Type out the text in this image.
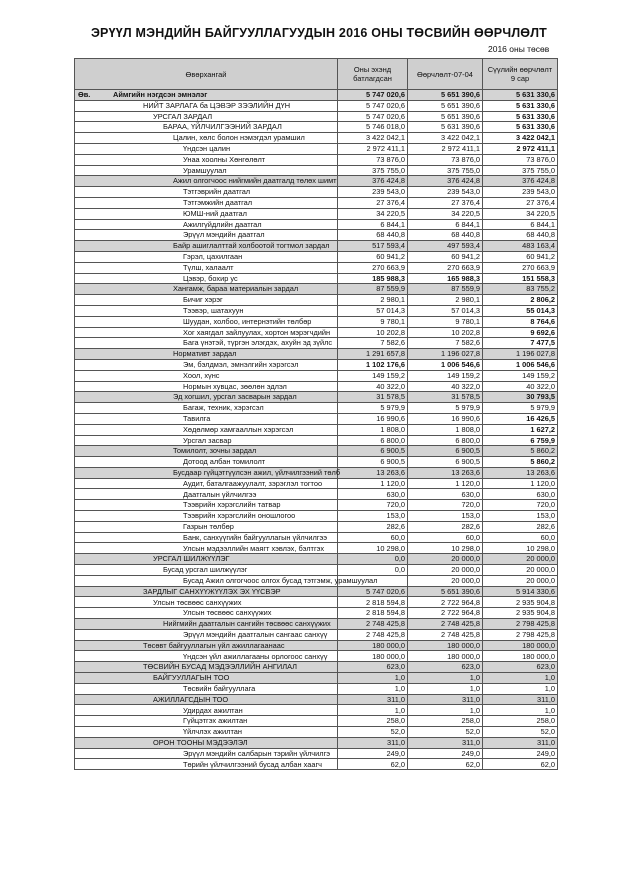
ЭРҮҮЛ МЭНДИЙН БАЙГУУЛЛАГУУДЫН 2016 ОНЫ ТӨСВИЙН ӨӨРЧЛӨЛТ
2016 оны төсөв
Өвөрхангай	Оны эхэнд батлагдсан	Өөрчлөлт-07-04	Сүүлийн өөрчлөлт 9 сар

Өв. Аймгийн нэгдсэн эмнэлэг	5 747 020,6	5 651 390,6	5 631 330,6
НИЙТ ЗАРЛАГА ба ЦЭВЭР ЗЭЭЛИЙН ДҮН	5 747 020,6	5 651 390,6	5 631 330,6
УРСГАЛ ЗАРДАЛ	5 747 020,6	5 651 390,6	5 631 330,6
БАРАА, ҮЙЛЧИЛГЭЭНИЙ ЗАРДАЛ	5 746 018,0	5 631 390,6	5 631 330,6
Цалин, хөлс болон нэмэгдэл урамшил	3 422 042,1	3 422 042,1	3 422 042,1
Үндсэн цалин	2 972 411,1	2 972 411,1	2 972 411,1
Унаа хоолны Хөнгөлөлт	73 876,0	73 876,0	73 876,0
Урамшуулал	375 755,0	375 755,0	375 755,0
Ажил олгогчоос нийгмийн даатгалд төлөх шимт	376 424,8	376 424,8	376 424,8
Тэтгэврийн даатгал	239 543,0	239 543,0	239 543,0
Тэтгэмжийн даатгал	27 376,4	27 376,4	27 376,4
ЮМШ-ний даатгал	34 220,5	34 220,5	34 220,5
Ажилгүйдлийн даатгал	6 844,1	6 844,1	6 844,1
Эрүүл мэндийн даатгал	68 440,8	68 440,8	68 440,8
Байр ашиглалттай холбоотой тогтмол зардал	517 593,4	497 593,4	483 163,4
Гэрэл, цахилгаан	60 941,2	60 941,2	60 941,2
Түлш, халаалт	270 663,9	270 663,9	270 663,9
Цэвэр, бохир ус	185 988,3	165 988,3	151 558,3
Хангамж, бараа материалын зардал	87 559,9	87 559,9	83 755,2
Бичиг хэрэг	2 980,1	2 980,1	2 806,2
Тээвэр, шатахуун	57 014,3	57 014,3	55 014,3
Шуудан, холбоо, интернэтийн төлбөр	9 780,1	9 780,1	8 764,6
Хог хаягдал зайлуулах, хортон мэрэгчдийн	10 202,8	10 202,8	9 692,6
Бага үнэтэй, түргэн элэгдэх, ахуйн эд зүйлс	7 582,6	7 582,6	7 477,5
Нормативт зардал	1 291 657,8	1 196 027,8	1 196 027,8
Эм, бэлдмэл, эмнэлгийн хэрэгсэл	1 102 176,6	1 006 546,6	1 006 546,6
Хоол, хүнс	149 159,2	149 159,2	149 159,2
Нормын хувцас, зөөлөн эдлэл	40 322,0	40 322,0	40 322,0
Эд хогшил, урсгал засварын зардал	31 578,5	31 578,5	30 793,5
Багаж, техник, хэрэгсэл	5 979,9	5 979,9	5 979,9
Тавилга	16 990,6	16 990,6	16 426,5
Хөдөлмөр хамгааллын хэрэгсэл	1 808,0	1 808,0	1 627,2
Урсгал засвар	6 800,0	6 800,0	6 759,9
Томилолт, зочны зардал	6 900,5	6 900,5	5 860,2
Дотоод албан томилолт	6 900,5	6 900,5	5 860,2
Бусдаар гүйцэтгүүлсэн ажил, үйлчилгээний төлб	13 263,6	13 263,6	13 263,6
Аудит, баталгаажуулалт, зэрэглэл тогтоо	1 120,0	1 120,0	1 120,0
Даатгалын үйлчилгээ	630,0	630,0	630,0
Тээврийн хэрэгслийн татвар	720,0	720,0	720,0
Тээврийн хэрэгслийн оношлогоо	153,0	153,0	153,0
Газрын төлбөр	282,6	282,6	282,6
Банк, санхүүгийн байгууллагын үйлчилгээ	60,0	60,0	60,0
Улсын мэдээллийн маягт хэвлэх, бэлтгэх	10 298,0	10 298,0	10 298,0
УРСГАЛ ШИЛЖҮҮЛЭГ	0,0	20 000,0	20 000,0
Бусад урсгал шилжүүлэг	0,0	20 000,0	20 000,0
Бусад Ажил олгогчоос олгох бусад тэтгэмж, урамшуулал		20 000,0	20 000,0
ЗАРДЛЫГ САНХҮҮЖҮҮЛЭХ ЭХ ҮҮСВЭР	5 747 020,6	5 651 390,6	5 914 330,6
Улсын төсвөөс санхүүжих	2 818 594,8	2 722 964,8	2 935 904,8
Улсын төсвөөс санхүүжих	2 818 594,8	2 722 964,8	2 935 904,8
Нийгмийн даатгалын сангийн төсвөөс санхүүжих	2 748 425,8	2 748 425,8	2 798 425,8
Эрүүл мэндийн даатгалын сангаас санхүү	2 748 425,8	2 748 425,8	2 798 425,8
Төсөвт байгууллагын үйл ажиллагаанаас	180 000,0	180 000,0	180 000,0
Үндсэн үйл ажиллагааны орлогоос санхүү	180 000,0	180 000,0	180 000,0
ТӨСВИЙН БУСАД МЭДЭЭЛЛИЙН АНГИЛАЛ	623,0	623,0	623,0
БАЙГУУЛЛАГЫН ТОО	1,0	1,0	1,0
Төсвийн байгууллага	1,0	1,0	1,0
АЖИЛЛАГСДЫН ТОО	311,0	311,0	311,0
Удирдах ажилтан	1,0	1,0	1,0
Гүйцэтгэх ажилтан	258,0	258,0	258,0
Үйлчлэх ажилтан	52,0	52,0	52,0
ОРОН ТООНЫ МЭДЭЭЛЭЛ	311,0	311,0	311,0
Эрүүл мэндийн салбарын тэрийн үйлчилгэ	249,0	249,0	249,0
Төрийн үйлчилгээний бусад албан хаагч	62,0	62,0	62,0
